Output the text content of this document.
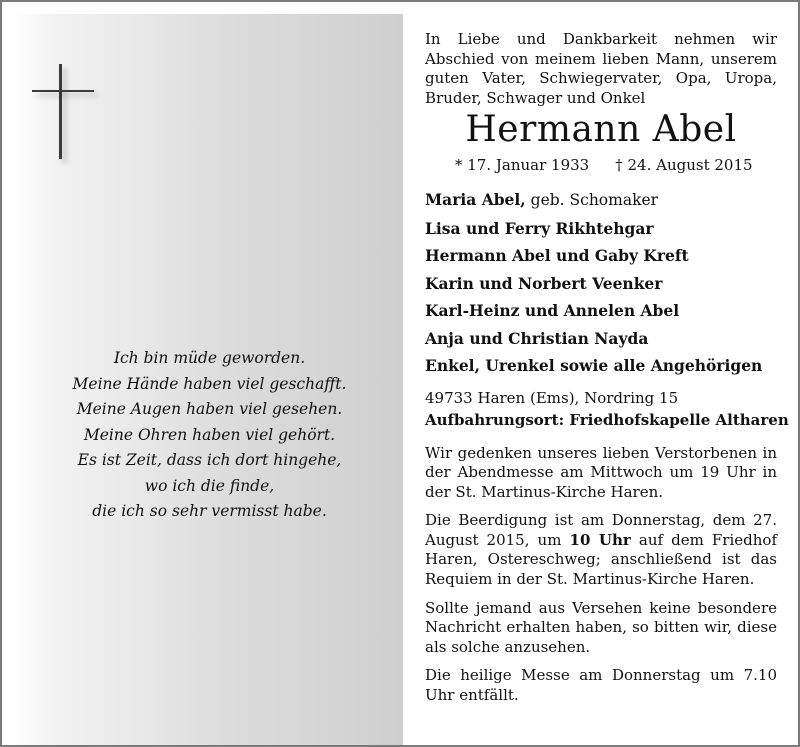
Ich bin müde geworden.
Meine Hände haben viel geschafft.
Meine Augen haben viel gesehen.
Meine Ohren haben viel gehört.
Es ist Zeit, dass ich dort hingehe,
wo ich die finde,
die ich so sehr vermisst habe.

In Liebe und Dankbarkeit nehmen wir Abschied von meinem lieben Mann, unserem guten Vater, Schwiegervater, Opa, Uropa, Bruder, Schwager und Onkel

Hermann Abel
* 17. Januar 1933 † 24. August 2015
Maria Abel, geb. Schomaker
Lisa und Ferry Rikhtehgar
Hermann Abel und Gaby Kreft
Karin und Norbert Veenker
Karl-Heinz und Annelen Abel
Anja und Christian Nayda
Enkel, Urenkel sowie alle Angehörigen

49733 Haren (Ems), Nordring 15

Aufbahrungsort: Friedhofskapelle Altharen

Wir gedenken unseres lieben Verstorbenen in der Abendmesse am Mittwoch um 19 Uhr in der St. Martinus-Kirche Haren.

Die Beerdigung ist am Donnerstag, dem 27. August 2015, um 10 Uhr auf dem Friedhof Haren, Ostereschweg; anschließend ist das Requiem in der St. Martinus-Kirche Haren.

Sollte jemand aus Versehen keine besondere Nachricht erhalten haben, so bitten wir, diese als solche anzusehen.

Die heilige Messe am Donnerstag um 7.10 Uhr entfällt.
